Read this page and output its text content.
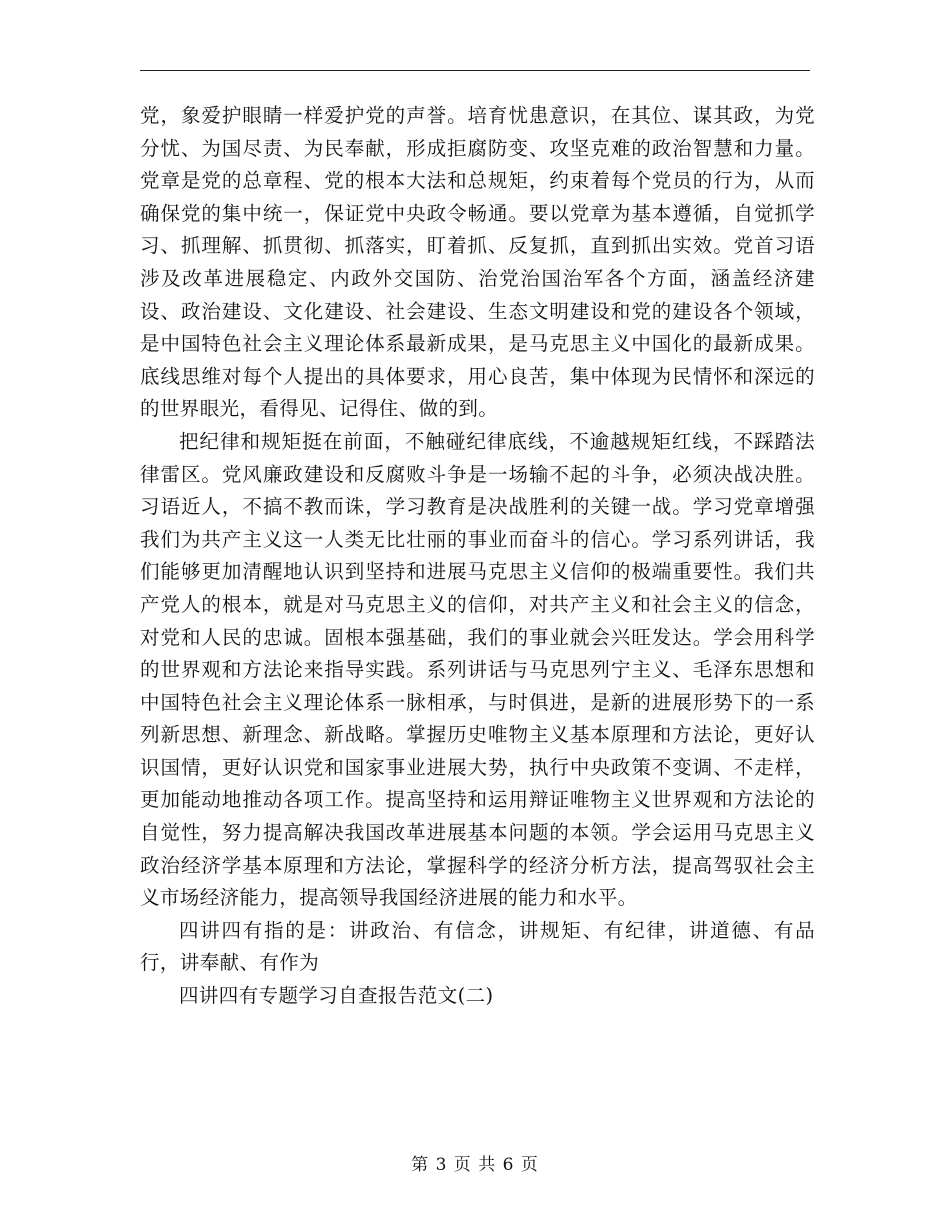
党，象爱护眼睛一样爱护党的声誉。培育忧患意识，在其位、谋其政，为党分忧、为国尽责、为民奉献，形成拒腐防变、攻坚克难的政治智慧和力量。党章是党的总章程、党的根本大法和总规矩，约束着每个党员的行为，从而确保党的集中统一，保证党中央政令畅通。要以党章为基本遵循，自觉抓学习、抓理解、抓贯彻、抓落实，盯着抓、反复抓，直到抓出实效。党首习语涉及改革进展稳定、内政外交国防、治党治国治军各个方面，涵盖经济建设、政治建设、文化建设、社会建设、生态文明建设和党的建设各个领域，是中国特色社会主义理论体系最新成果，是马克思主义中国化的最新成果。底线思维对每个人提出的具体要求，用心良苦，集中体现为民情怀和深远的的世界眼光，看得见、记得住、做的到。

把纪律和规矩挺在前面，不触碰纪律底线，不逾越规矩红线，不踩踏法律雷区。党风廉政建设和反腐败斗争是一场输不起的斗争，必须决战决胜。习语近人，不搞不教而诛，学习教育是决战胜利的关键一战。学习党章增强我们为共产主义这一人类无比壮丽的事业而奋斗的信心。学习系列讲话，我们能够更加清醒地认识到坚持和进展马克思主义信仰的极端重要性。我们共产党人的根本，就是对马克思主义的信仰，对共产主义和社会主义的信念，对党和人民的忠诚。固根本强基础，我们的事业就会兴旺发达。学会用科学的世界观和方法论来指导实践。系列讲话与马克思列宁主义、毛泽东思想和中国特色社会主义理论体系一脉相承，与时俱进，是新的进展形势下的一系列新思想、新理念、新战略。掌握历史唯物主义基本原理和方法论，更好认识国情，更好认识党和国家事业进展大势，执行中央政策不变调、不走样，更加能动地推动各项工作。提高坚持和运用辩证唯物主义世界观和方法论的自觉性，努力提高解决我国改革进展基本问题的本领。学会运用马克思主义政治经济学基本原理和方法论，掌握科学的经济分析方法，提高驾驭社会主义市场经济能力，提高领导我国经济进展的能力和水平。

四讲四有指的是：讲政治、有信念，讲规矩、有纪律，讲道德、有品行，讲奉献、有作为

四讲四有专题学习自查报告范文(二)

第 3 页 共 6 页
